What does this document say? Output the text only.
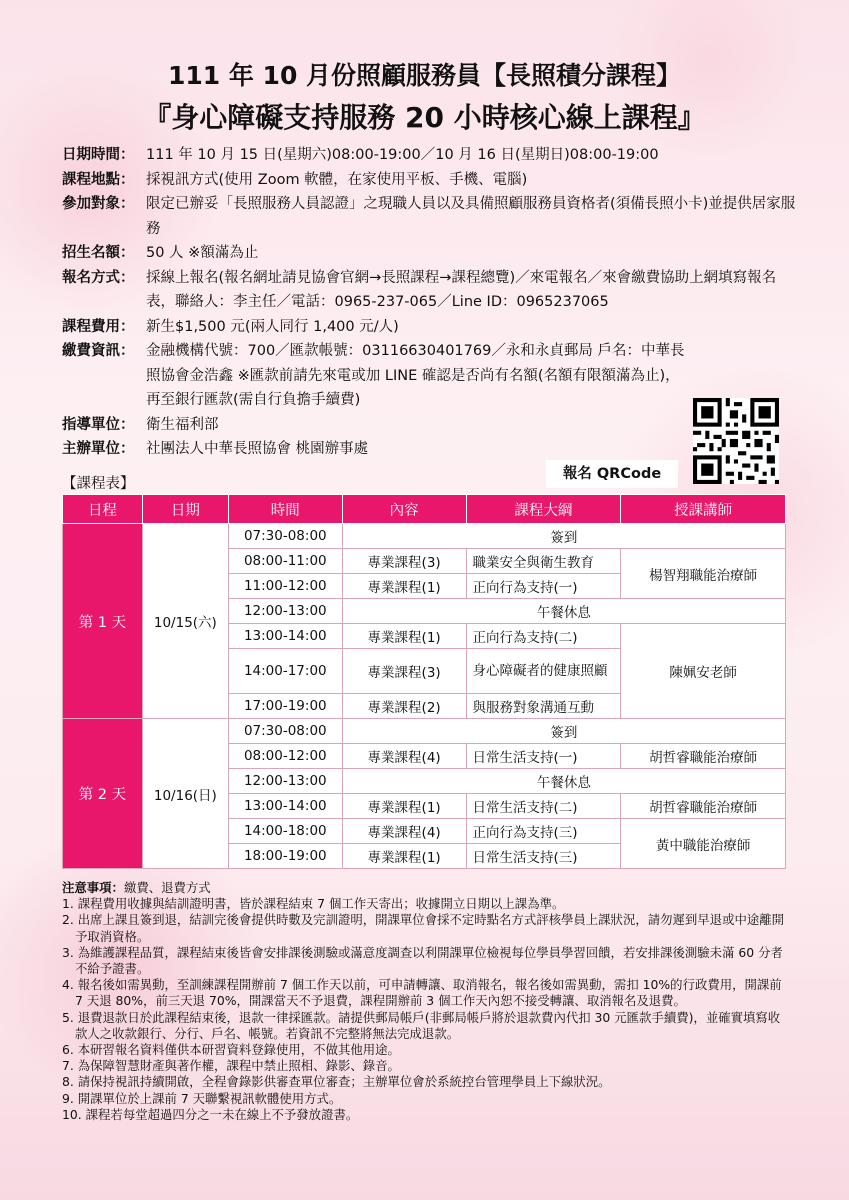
111 年 10 月份照顧服務員【長照積分課程】
『身心障礙支持服務 20 小時核心線上課程』
日期時間： 111 年 10 月 15 日(星期六)08:00-19:00／10 月 16 日(星期日)08:00-19:00
課程地點： 採視訊方式(使用 Zoom 軟體，在家使用平板、手機、電腦)
參加對象： 限定已辦妥「長照服務人員認證」之現職人員以及具備照顧服務員資格者(須備長照小卡)並提供居家服務
招生名額： 50 人 ※額滿為止
報名方式： 採線上報名(報名網址請見協會官網→長照課程→課程總覽)／來電報名／來會繳費協助上網填寫報名表，聯絡人：李主任／電話：0965-237-065／Line ID：0965237065
課程費用： 新生$1,500 元(兩人同行 1,400 元/人)
繳費資訊： 金融機構代號：700／匯款帳號：03116630401769／永和永貞郵局 戶名：中華長照協會金浩鑫 ※匯款前請先來電或加 LINE 確認是否尚有名額(名額有限額滿為止)，再至銀行匯款(需自行負擔手續費)
指導單位： 衛生福利部
主辦單位： 社團法人中華長照協會 桃園辦事處
報名 QRCode
【課程表】
日程	日期	時間	內容	課程大綱	授課講師
第 1 天	10/15(六)	07:30-08:00	簽到		
		08:00-11:00	專業課程(3)	職業安全與衛生教育	楊智翔職能治療師
		11:00-12:00	專業課程(1)	正向行為支持(一)	
		12:00-13:00	午餐休息		
		13:00-14:00	專業課程(1)	正向行為支持(二)	陳姵安老師
		14:00-17:00	專業課程(3)	身心障礙者的健康照顧	
		17:00-19:00	專業課程(2)	與服務對象溝通互動	
第 2 天	10/16(日)	07:30-08:00	簽到		
		08:00-12:00	專業課程(4)	日常生活支持(一)	胡哲睿職能治療師
		12:00-13:00	午餐休息		
		13:00-14:00	專業課程(1)	日常生活支持(二)	胡哲睿職能治療師
		14:00-18:00	專業課程(4)	正向行為支持(三)	黃中職能治療師
		18:00-19:00	專業課程(1)	日常生活支持(三)	
注意事項：繳費、退費方式
1. 課程費用收據與結訓證明書，皆於課程結束 7 個工作天寄出；收據開立日期以上課為準。
2. 出席上課且簽到退，結訓完後會提供時數及完訓證明，開課單位會採不定時點名方式評核學員上課狀況，請勿遲到早退或中途離開予取消資格。
3. 為維護課程品質，課程結束後皆會安排課後測驗或滿意度調查以利開課單位檢視每位學員學習回饋，若安排課後測驗未滿 60 分者不給予證書。
4. 報名後如需異動，至訓練課程開辦前 7 個工作天以前，可申請轉讓、取消報名，報名後如需異動，需扣 10%的行政費用，開課前 7 天退 80%，前三天退 70%，開課當天不予退費，課程開辦前 3 個工作天內恕不接受轉讓、取消報名及退費。
5. 退費退款日於此課程結束後，退款一律採匯款。請提供郵局帳戶(非郵局帳戶將於退款費內代扣 30 元匯款手續費)，並確實填寫收款人之收款銀行、分行、戶名、帳號。若資訊不完整將無法完成退款。
6. 本研習報名資料僅供本研習資料登錄使用，不做其他用途。
7. 為保障智慧財產與著作權，課程中禁止照相、錄影、錄音。
8. 請保持視訊持續開啟，全程會錄影供審查單位審查；主辦單位會於系統控台管理學員上下線狀況。
9. 開課單位於上課前 7 天聯繫視訊軟體使用方式。
10. 課程若每堂超過四分之一未在線上不予發放證書。
